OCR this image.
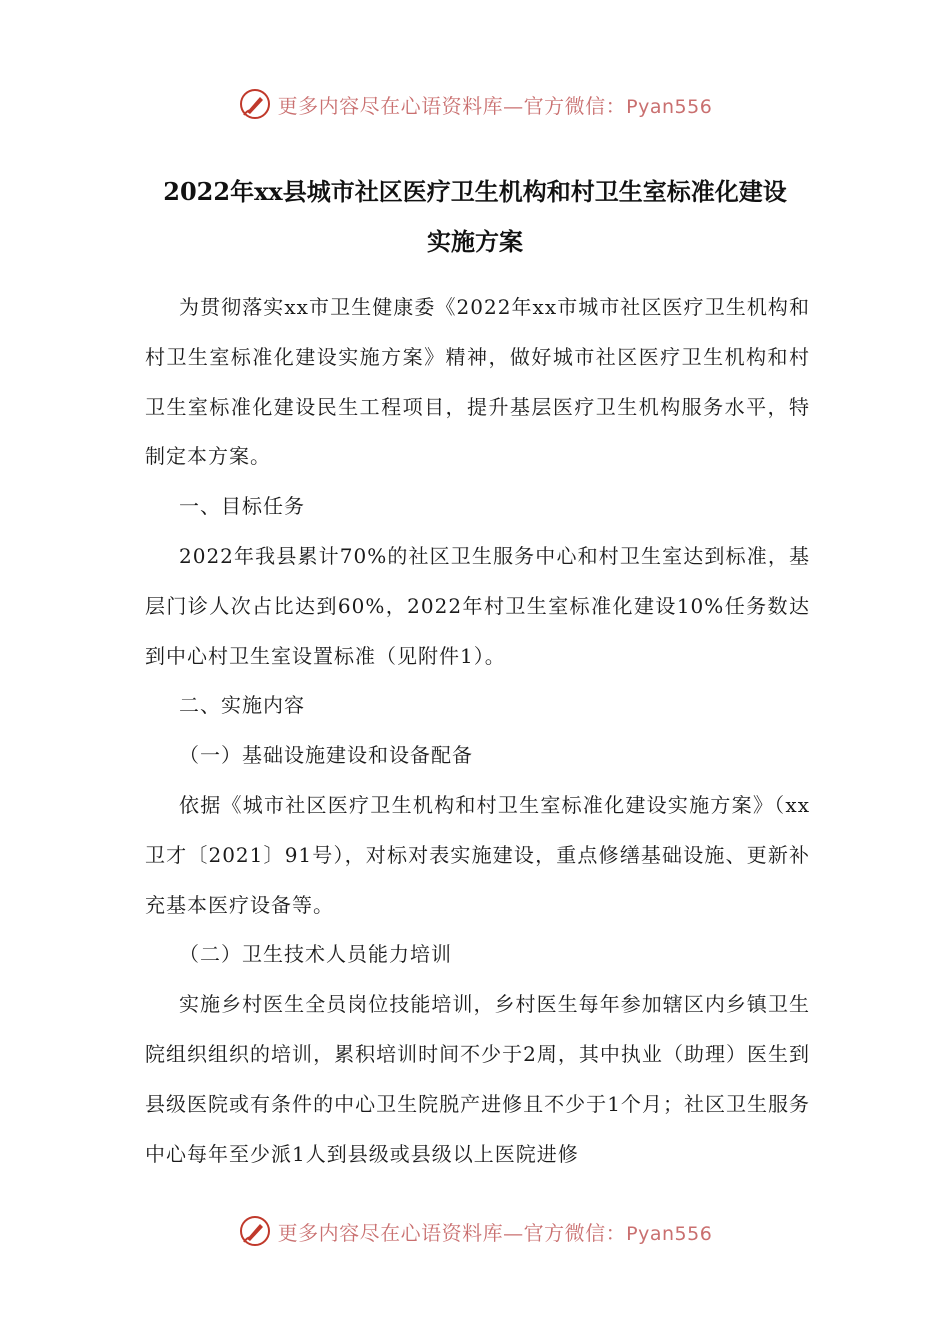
更多内容尽在心语资料库—官方微信：Pyan556
2022年xx县城市社区医疗卫生机构和村卫生室标准化建设
实施方案

为贯彻落实xx市卫生健康委《2022年xx市城市社区医疗卫生机构和村卫生室标准化建设实施方案》精神，做好城市社区医疗卫生机构和村卫生室标准化建设民生工程项目，提升基层医疗卫生机构服务水平，特制定本方案。

一、目标任务

2022年我县累计70%的社区卫生服务中心和村卫生室达到标准，基层门诊人次占比达到60%，2022年村卫生室标准化建设10%任务数达到中心村卫生室设置标准（见附件1）。

二、实施内容

（一）基础设施建设和设备配备

依据《城市社区医疗卫生机构和村卫生室标准化建设实施方案》（xx卫才〔2021〕91号），对标对表实施建设，重点修缮基础设施、更新补充基本医疗设备等。

（二）卫生技术人员能力培训

实施乡村医生全员岗位技能培训，乡村医生每年参加辖区内乡镇卫生院组织组织的培训，累积培训时间不少于2周，其中执业（助理）医生到县级医院或有条件的中心卫生院脱产进修且不少于1个月；社区卫生服务中心每年至少派1人到县级或县级以上医院进修

更多内容尽在心语资料库—官方微信：Pyan556
